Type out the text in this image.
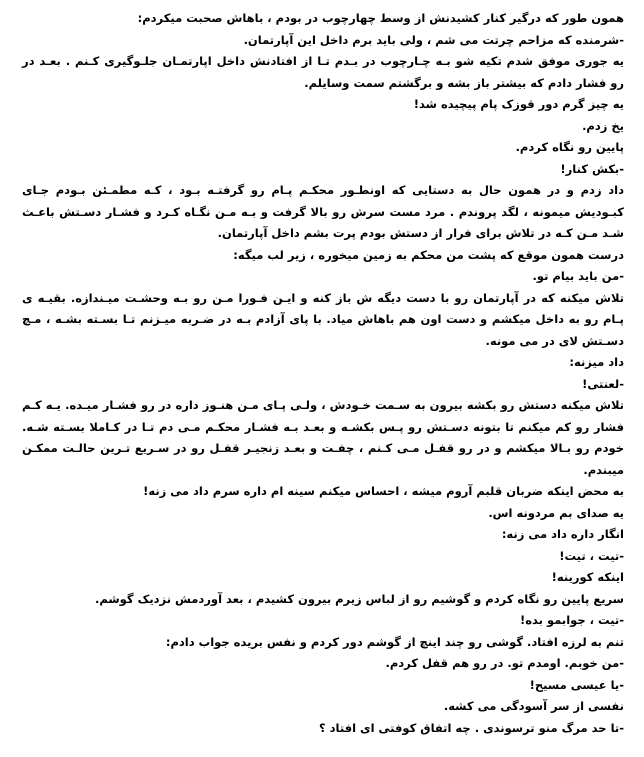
همون طور که درگیر کنار کشیدنش از وسط چهارچوب در بودم ، باهاش صحبت میکردم:

-شرمنده که مزاحم چرتت می شم ، ولی باید برم داخل این آپارتمان.

یه جوری موفق شدم تکیه شو بـه چـارچوب در بـدم تـا از افتادنش داخل اپارتمـان جلـوگیری کـنم . بعـد در رو فشار دادم که بیشتر باز بشه و برگشتم سمت وسایلم.

یه چیز گرم دور قوزک پام پیچیده شد!

یخ زدم.

پایین رو نگاه کردم.

-بکش کنار!

داد زدم و در همون حال به دستایی که اونطـور محکـم پـام رو گرفتـه بـود ، کـه مطمـئن بـودم جـای کبـودیش میمونه ، لگد پروندم . مرد مست سرش رو بالا گرفت و بـه مـن نگـاه کـرد و فشـار دسـتش باعـث شـد مـن کـه در تلاش برای فرار از دستش بودم پرت بشم داخل آپارتمان.

درست همون موقع که پشت من محکم به زمین میخوره ، زیر لب میگه:

-من باید بیام تو.

تلاش میکنه که در آپارتمان رو با دست دیگه ش باز کنه و ایـن فـورا مـن رو بـه وحشـت میـندازه. بقیـه ی پـام رو به داخل میکشم و دست اون هم باهاش میاد. با پای آزادم بـه در ضـربه میـزنم تـا بسـته بشـه ، مـچ دسـتش لای در می مونه.

داد میزنه:

-لعنتی!

تلاش میکنه دستش رو بکشه بیرون به سـمت خـودش ، ولـی پـای مـن هنـوز داره در رو فشـار میـده. یـه کـم فشار رو کم میکنم تا بتونه دسـتش رو پـس بکشـه و بعـد بـه فشـار محکـم مـی دم تـا در کـاملا بسـته شـه. خودم رو بـالا میکشم و در رو قفـل مـی کـنم ، چفـت و بعـد زنجيـر قفـل رو در سـريع تـرين حالـت ممكـن میبندم.

به محض اینکه ضربان قلبم آروم میشه ، احساس میکنم سینه ام داره سرم داد می زنه!

یه صدای بم مردونه اس.

انگار داره داد می زنه:

-تیت ، تیت!

اینکه کورینه!

سریع پایین رو نگاه کردم و گوشیم رو از لباس زیرم بیرون کشیدم ، بعد آوردمش نزدیک گوشم.

-تیت ، جوابمو بده!

تنم به لرزه افتاد. گوشی رو چند اینچ از گوشم دور کردم و نفس بریده جواب دادم:

-من خوبم. اومدم تو. در رو هم قفل کردم.

-یا عیسی مسیح!

نفسی از سر آسودگی می کشه.

-تا حد مرگ منو ترسوندی . چه اتفاق کوفتی ای افتاد ؟
